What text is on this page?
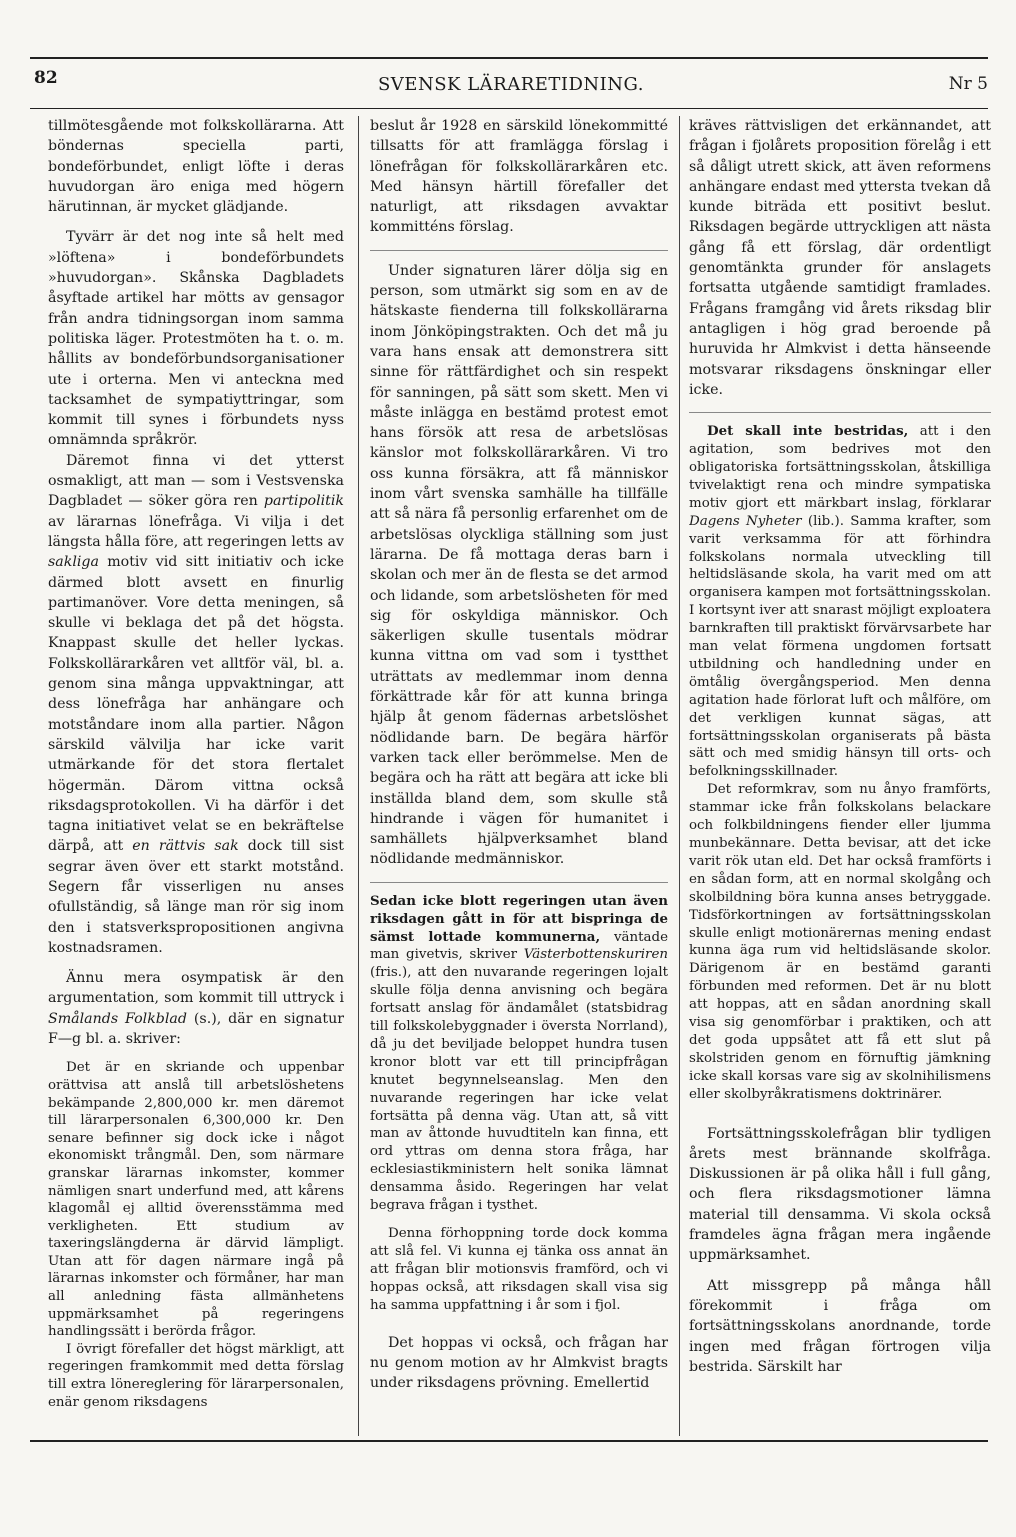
82	SVENSK LÄRARETIDNING.	Nr 5

tillmötesgående mot folkskollärarna. Att böndernas speciella parti, bondeförbundet, enligt löfte i deras huvudorgan äro eniga med högern härutinnan, är mycket glädjande.

Tyvärr är det nog inte så helt med »löftena» i bondeförbundets »huvudorgan». Skånska Dagbladets åsyftade artikel har mötts av gensagor från andra tidningsorgan inom samma politiska läger. Protestmöten ha t. o. m. hållits av bondeförbundsorganisationer ute i orterna. Men vi anteckna med tacksamhet de sympatiyttringar, som kommit till synes i förbundets nyss omnämnda språkrör.

Däremot finna vi det ytterst osmakligt, att man — som i Vestsvenska Dagbladet — söker göra ren partipolitik av lärarnas lönefråga. Vi vilja i det längsta hålla före, att regeringen letts av sakliga motiv vid sitt initiativ och icke därmed blott avsett en finurlig partimanöver. Vore detta meningen, så skulle vi beklaga det på det högsta. Knappast skulle det heller lyckas. Folkskollärarkåren vet alltför väl, bl. a. genom sina många uppvaktningar, att dess lönefråga har anhängare och motståndare inom alla partier. Någon särskild välvilja har icke varit utmärkande för det stora flertalet högermän. Därom vittna också riksdagsprotokollen. Vi ha därför i det tagna initiativet velat se en bekräftelse därpå, att en rättvis sak dock till sist segrar även över ett starkt motstånd. Segern får visserligen nu anses ofullständig, så länge man rör sig inom den i statsverkspropositionen angivna kostnadsramen.

Ännu mera osympatisk är den argumentation, som kommit till uttryck i Smålands Folkblad (s.), där en signatur F—g bl. a. skriver:

Det är en skriande och uppenbar orättvisa att anslå till arbetslöshetens bekämpande 2,800,000 kr. men däremot till lärarpersonalen 6,300,000 kr. Den senare befinner sig dock icke i något ekonomiskt trångmål. Den, som närmare granskar lärarnas inkomster, kommer nämligen snart underfund med, att kårens klagomål ej alltid överensstämma med verkligheten. Ett studium av taxeringslängderna är därvid lämpligt. Utan att för dagen närmare ingå på lärarnas inkomster och förmåner, har man all anledning fästa allmänhetens uppmärksamhet på regeringens handlingssätt i berörda frågor.

I övrigt förefaller det högst märkligt, att regeringen framkommit med detta förslag till extra lönereglering för lärarpersonalen, enär genom riksdagens

beslut år 1928 en särskild lönekommitté tillsatts för att framlägga förslag i lönefrågan för folkskollärarkåren etc. Med hänsyn härtill förefaller det naturligt, att riksdagen avvaktar kommitténs förslag.

Under signaturen lärer dölja sig en person, som utmärkt sig som en av de hätskaste fienderna till folkskollärarna inom Jönköpingstrakten. Och det må ju vara hans ensak att demonstrera sitt sinne för rättfärdighet och sin respekt för sanningen, på sätt som skett. Men vi måste inlägga en bestämd protest emot hans försök att resa de arbetslösas känslor mot folkskollärarkåren. Vi tro oss kunna försäkra, att få människor inom vårt svenska samhälle ha tillfälle att så nära få personlig erfarenhet om de arbetslösas olyckliga ställning som just lärarna. De få mottaga deras barn i skolan och mer än de flesta se det armod och lidande, som arbetslösheten för med sig för oskyldiga människor. Och säkerligen skulle tusentals mödrar kunna vittna om vad som i tystthet uträttats av medlemmar inom denna förkättrade kår för att kunna bringa hjälp åt genom fädernas arbetslöshet nödlidande barn. De begära härför varken tack eller berömmelse. Men de begära och ha rätt att begära att icke bli inställda bland dem, som skulle stå hindrande i vägen för humanitet i samhällets hjälpverksamhet bland nödlidande medmänniskor.

Sedan icke blott regeringen utan även riksdagen gått in för att bispringa de sämst lottade kommunerna, väntade man givetvis, skriver Västerbottenskuriren (fris.), att den nuvarande regeringen lojalt skulle följa denna anvisning och begära fortsatt anslag för ändamålet (statsbidrag till folkskolebyggnader i översta Norrland), då ju det beviljade beloppet hundra tusen kronor blott var ett till principfrågan knutet begynnelseanslag. Men den nuvarande regeringen har icke velat fortsätta på denna väg. Utan att, så vitt man av åttonde huvudtiteln kan finna, ett ord yttras om denna stora fråga, har ecklesiastikministern helt sonika lämnat densamma åsido. Regeringen har velat begrava frågan i tysthet.

Denna förhoppning torde dock komma att slå fel. Vi kunna ej tänka oss annat än att frågan blir motionsvis framförd, och vi hoppas också, att riksdagen skall visa sig ha samma uppfattning i år som i fjol.

Det hoppas vi också, och frågan har nu genom motion av hr Almkvist bragts under riksdagens prövning. Emellertid

kräves rättvisligen det erkännandet, att frågan i fjolårets proposition förelåg i ett så dåligt utrett skick, att även reformens anhängare endast med yttersta tvekan då kunde biträda ett positivt beslut. Riksdagen begärde uttryckligen att nästa gång få ett förslag, där ordentligt genomtänkta grunder för anslagets fortsatta utgående samtidigt framlades. Frågans framgång vid årets riksdag blir antagligen i hög grad beroende på huruvida hr Almkvist i detta hänseende motsvarar riksdagens önskningar eller icke.

Det skall inte bestridas, att i den agitation, som bedrives mot den obligatoriska fortsättningsskolan, åtskilliga tvivelaktigt rena och mindre sympatiska motiv gjort ett märkbart inslag, förklarar Dagens Nyheter (lib.). Samma krafter, som varit verksamma för att förhindra folkskolans normala utveckling till heltidsläsande skola, ha varit med om att organisera kampen mot fortsättningsskolan. I kortsynt iver att snarast möjligt exploatera barnkraften till praktiskt förvärvsarbete har man velat förmena ungdomen fortsatt utbildning och handledning under en ömtålig övergångsperiod. Men denna agitation hade förlorat luft och målföre, om det verkligen kunnat sägas, att fortsättningsskolan organiserats på bästa sätt och med smidig hänsyn till orts- och befolkningsskillnader.

Det reformkrav, som nu ånyo framförts, stammar icke från folkskolans belackare och folkbildningens fiender eller ljumma munbekännare. Detta bevisar, att det icke varit rök utan eld. Det har också framförts i en sådan form, att en normal skolgång och skolbildning böra kunna anses betryggade. Tidsförkortningen av fortsättningsskolan skulle enligt motionärernas mening endast kunna äga rum vid heltidsläsande skolor. Därigenom är en bestämd garanti förbunden med reformen. Det är nu blott att hoppas, att en sådan anordning skall visa sig genomförbar i praktiken, och att det goda uppsåtet att få ett slut på skolstriden genom en förnuftig jämkning icke skall korsas vare sig av skolnihilismens eller skolbyråkratismens doktrinärer.

Fortsättningsskolefrågan blir tydligen årets mest brännande skolfråga. Diskussionen är på olika håll i full gång, och flera riksdagsmotioner lämna material till densamma. Vi skola också framdeles ägna frågan mera ingående uppmärksamhet.

Att missgrepp på många håll förekommit i fråga om fortsättningsskolans anordnande, torde ingen med frågan förtrogen vilja bestrida. Särskilt har
